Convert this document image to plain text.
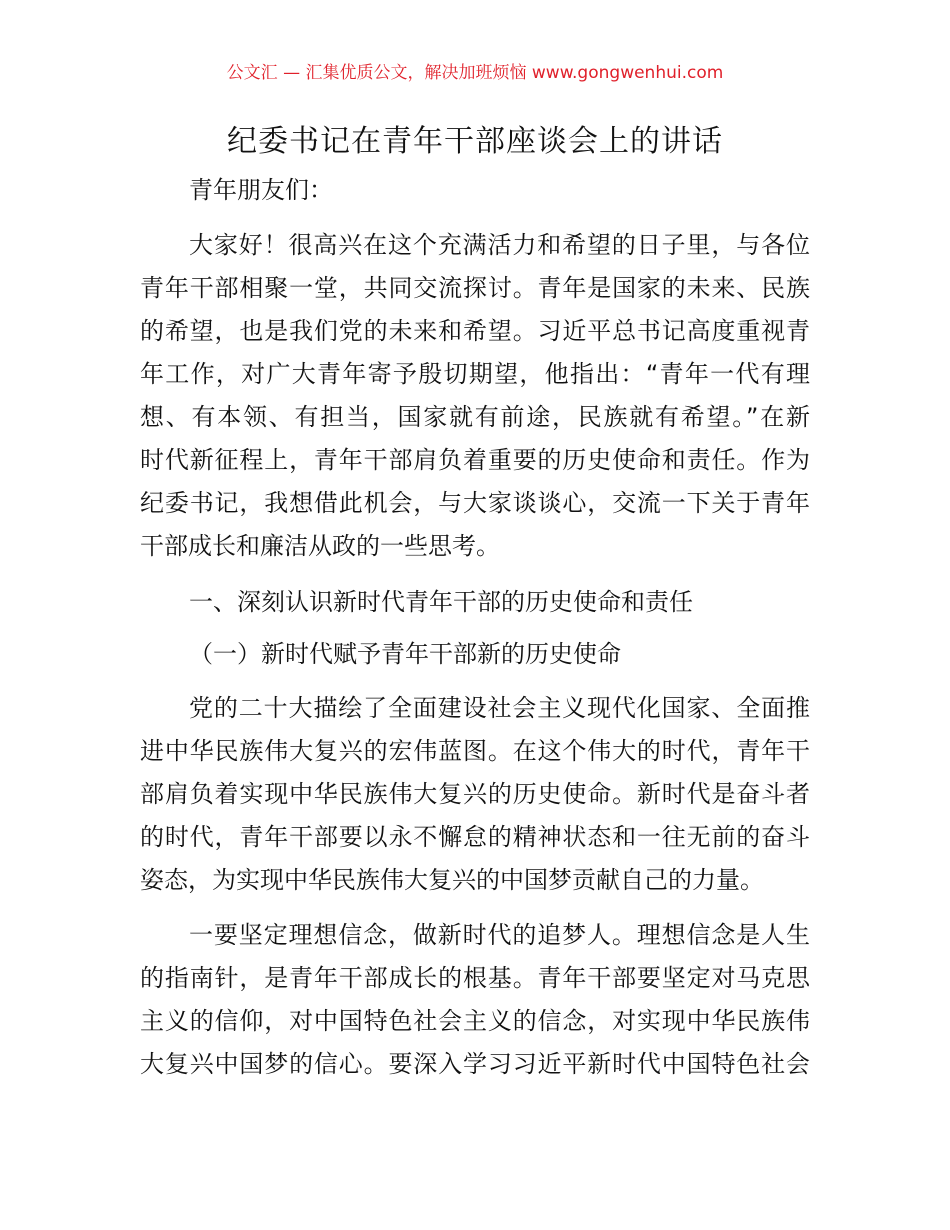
公文汇 — 汇集优质公文，解决加班烦恼 www.gongwenhui.com
纪委书记在青年干部座谈会上的讲话
青年朋友们：
大家好！很高兴在这个充满活力和希望的日子里，与各位
青年干部相聚一堂，共同交流探讨。青年是国家的未来、民族
的希望，也是我们党的未来和希望。习近平总书记高度重视青
年工作，对广大青年寄予殷切期望，他指出：“青年一代有理
想、有本领、有担当，国家就有前途，民族就有希望。”在新
时代新征程上，青年干部肩负着重要的历史使命和责任。作为
纪委书记，我想借此机会，与大家谈谈心，交流一下关于青年
干部成长和廉洁从政的一些思考。
一、深刻认识新时代青年干部的历史使命和责任
（一）新时代赋予青年干部新的历史使命
党的二十大描绘了全面建设社会主义现代化国家、全面推
进中华民族伟大复兴的宏伟蓝图。在这个伟大的时代，青年干
部肩负着实现中华民族伟大复兴的历史使命。新时代是奋斗者
的时代，青年干部要以永不懈怠的精神状态和一往无前的奋斗
姿态，为实现中华民族伟大复兴的中国梦贡献自己的力量。
一要坚定理想信念，做新时代的追梦人。理想信念是人生
的指南针，是青年干部成长的根基。青年干部要坚定对马克思
主义的信仰，对中国特色社会主义的信念，对实现中华民族伟
大复兴中国梦的信心。要深入学习习近平新时代中国特色社会
